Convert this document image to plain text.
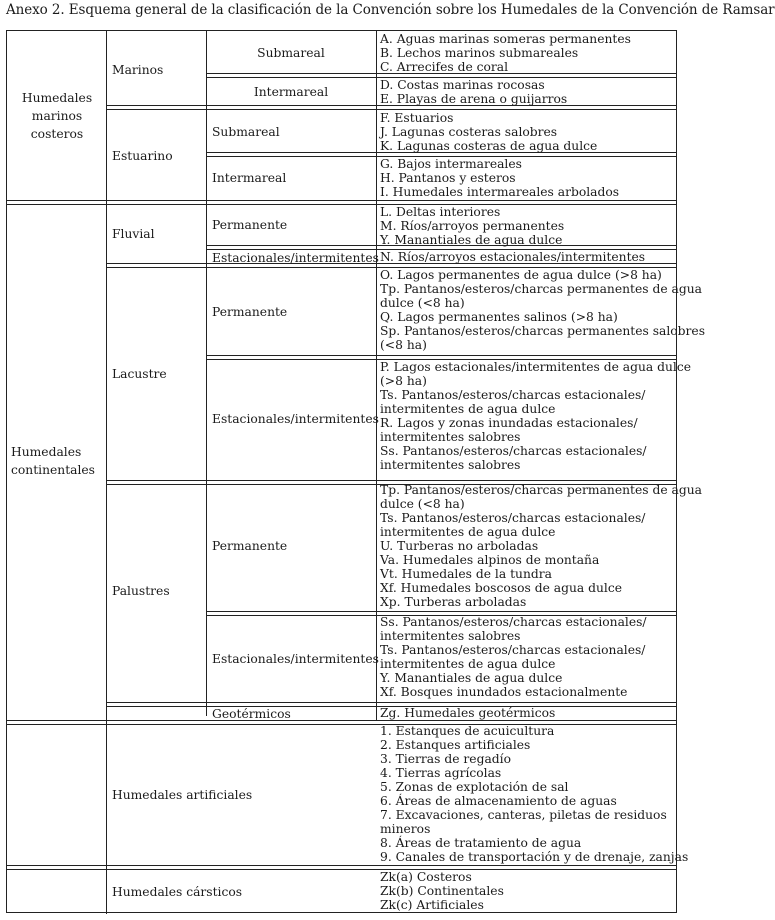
Anexo 2. Esquema general de la clasificación de la Convención sobre los Humedales de la Convención de Ramsar
Humedales
marinos
costeros
Humedales
continentales
Marinos
Estuarino
Fluvial
Lacustre
Palustres
Humedales artificiales
Humedales cársticos
Submareal
Intermareal
Submareal
Intermareal
Permanente
Estacionales/intermitentes
Permanente
Estacionales/intermitentes
Permanente
Estacionales/intermitentes
Geotérmicos
A. Aguas marinas someras permanentes
B. Lechos marinos submareales
C. Arrecifes de coral
D. Costas marinas rocosas
E. Playas de arena o guijarros
F. Estuarios
J. Lagunas costeras salobres
K. Lagunas costeras de agua dulce
G. Bajos intermareales
H. Pantanos y esteros
I. Humedales intermareales arbolados
L. Deltas interiores
M. Ríos/arroyos permanentes
Y. Manantiales de agua dulce
N. Ríos/arroyos estacionales/intermitentes
O. Lagos permanentes de agua dulce (>8 ha)
Tp. Pantanos/esteros/charcas permanentes de agua
dulce (<8 ha)
Q. Lagos permanentes salinos (>8 ha)
Sp. Pantanos/esteros/charcas permanentes salobres
(<8 ha)
P. Lagos estacionales/intermitentes de agua dulce
(>8 ha)
Ts. Pantanos/esteros/charcas estacionales/
intermitentes de agua dulce
R. Lagos y zonas inundadas estacionales/
intermitentes salobres
Ss. Pantanos/esteros/charcas estacionales/
intermitentes salobres
Tp. Pantanos/esteros/charcas permanentes de agua
dulce (<8 ha)
Ts. Pantanos/esteros/charcas estacionales/
intermitentes de agua dulce
U. Turberas no arboladas
Va. Humedales alpinos de montaña
Vt. Humedales de la tundra
Xf. Humedales boscosos de agua dulce
Xp. Turberas arboladas
Ss. Pantanos/esteros/charcas estacionales/
intermitentes salobres
Ts. Pantanos/esteros/charcas estacionales/
intermitentes de agua dulce
Y. Manantiales de agua dulce
Xf. Bosques inundados estacionalmente
Zg. Humedales geotérmicos
1. Estanques de acuicultura
2. Estanques artificiales
3. Tierras de regadío
4. Tierras agrícolas
5. Zonas de explotación de sal
6. Áreas de almacenamiento de aguas
7. Excavaciones, canteras, piletas de residuos
mineros
8. Áreas de tratamiento de agua
9. Canales de transportación y de drenaje, zanjas
Zk(a) Costeros
Zk(b) Continentales
Zk(c) Artificiales
